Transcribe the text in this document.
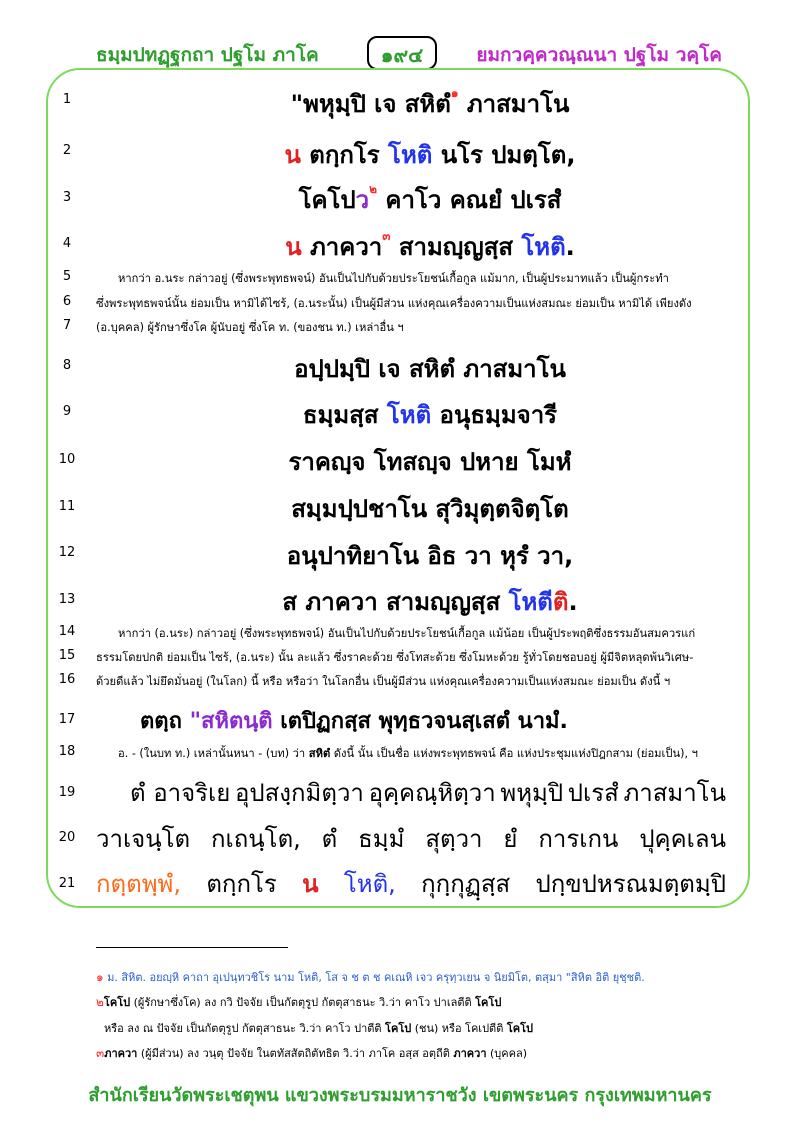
ธมฺมปทฏฺฐกถา ปฐโม ภาโค	๑๙๔	ยมกวคฺควณฺณนา ปฐโม วคฺโค
1	"พหุมฺปิ เจ สหิตํ$^๑$ ภาสมาโน
2	น ตกฺกโร โหติ นโร ปมตฺโต,
3	โคโปว$^๒$ คาโว คณยํ ปเรสํ
4	น ภาควา$^๓$ สามญฺญสฺส โหติ.
5	หากว่า อ.นระ กล่าวอยู่ (ซึ่งพระพุทธพจน์) อันเป็นไปกับด้วยประโยชน์เกื้อกูล แม้มาก, เป็นผู้ประมาทแล้ว เป็นผู้กระทำ
6	ซึ่งพระพุทธพจน์นั้น ย่อมเป็น หามิได้ไซร้, (อ.นระนั้น) เป็นผู้มีส่วน แห่งคุณเครื่องความเป็นแห่งสมณะ ย่อมเป็น หามิได้ เพียงดัง
7	(อ.บุคคล) ผู้รักษาซึ่งโค ผู้นับอยู่ ซึ่งโค ท. (ของชน ท.) เหล่าอื่น ฯ
8	อปฺปมฺปิ เจ สหิตํ ภาสมาโน
9	ธมฺมสฺส โหติ อนุธมฺมจารี
10	ราคญฺจ โทสญฺจ ปหาย โมหํ
11	สมฺมปฺปชาโน สุวิมุตฺตจิตฺโต
12	อนุปาทิยาโน อิธ วา หุรํ วา,
13	ส ภาควา สามญฺญสฺส โหตีติ.
14	หากว่า (อ.นระ) กล่าวอยู่ (ซึ่งพระพุทธพจน์) อันเป็นไปกับด้วยประโยชน์เกื้อกูล แม้น้อย เป็นผู้ประพฤติซึ่งธรรมอันสมควรแก่
15	ธรรมโดยปกติ ย่อมเป็น ไซร้, (อ.นระ) นั้น ละแล้ว ซึ่งราคะด้วย ซึ่งโทสะด้วย ซึ่งโมหะด้วย รู้ทั่วโดยชอบอยู่ ผู้มีจิตหลุดพ้นวิเศษ-
16	ด้วยดีแล้ว ไม่ยึดมั่นอยู่ (ในโลก) นี้ หรือ หรือว่า ในโลกอื่น เป็นผู้มีส่วน แห่งคุณเครื่องความเป็นแห่งสมณะ ย่อมเป็น ดังนี้ ฯ
17	ตตฺถ "สหิตนฺติ เตปิฏกสฺส พุทฺธวจนสฺเสตํ นามํ.
18	อ. - (ในบท ท.) เหล่านั้นหนา - (บท) ว่า สหิตํ ดังนี้ นั้น เป็นชื่อ แห่งพระพุทธพจน์ คือ แห่งประชุมแห่งปิฎกสาม (ย่อมเป็น), ฯ
19 ตํ อาจริเย อุปสงฺกมิตฺวา อุคฺคณฺหิตฺวา พหุมฺปิ ปเรสํ ภาสมาโน
20 วาเจนฺโต กเถนฺโต, ตํ ธมฺมํ สุตฺวา ยํ การเกน ปุคฺคเลน
21 กตฺตพฺพํ, ตกฺกโร น โหติ, กุกฺกุฏฺสฺส ปกฺขปหรณมตฺตมฺปิ
๑ ม. สิหิต. อยญฺหิ คาถา อุเปนฺทวชิโร นาม โหติ, โส จ ช ต ช คเณหิ เจว ครุทฺวเยน จ นิยมิโต, ตสฺมา "สิหิต อิติ ยุชฺชติ.
๒โคโป (ผู้รักษาซึ่งโค) ลง กวิ ปัจจัย เป็นกัตตุรูป กัตตุสาธนะ วิ.ว่า คาโว ปาเลตีติ โคโป
หรือ ลง ณ ปัจจัย เป็นกัตตุรูป กัตตุสาธนะ วิ.ว่า คาโว ปาตีติ โคโป (ชน) หรือ โคเปตีติ โคโป
๓ภาควา (ผู้มีส่วน) ลง วนฺตุ ปัจจัย ในตทัสสัตถิตัทธิต วิ.ว่า ภาโค อสฺส อตฺถีติ ภาควา (บุคคล)
สำนักเรียนวัดพระเชตุพน แขวงพระบรมมหาราชวัง เขตพระนคร กรุงเทพมหานคร
